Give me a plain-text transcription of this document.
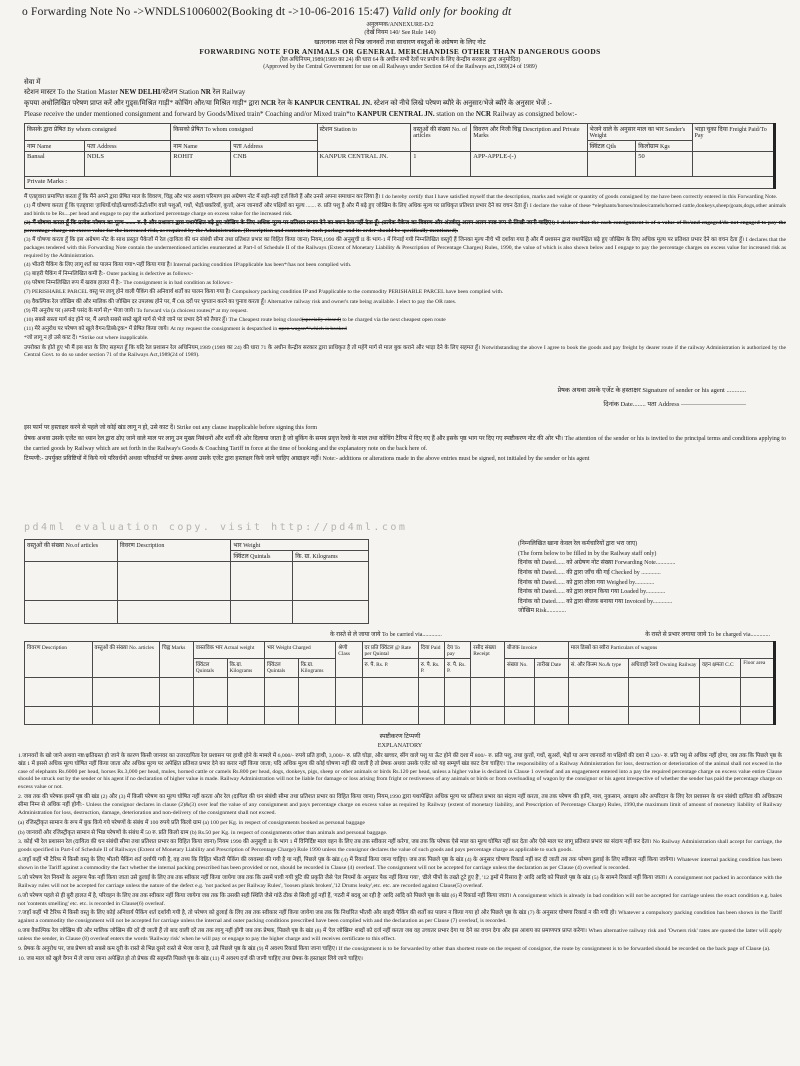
o Forwarding Note No ->WNDLS1006002(Booking dt ->10-06-2016 15:47) Valid only for booking dt
अनुलग्नक/ANNEXURE-D/2
(देखें नियम 140/ See Rule 140)
खतरनाक माल से भिन्न जानवरों तथा साधारण वस्तुओं के अग्रेषण के लिए नोट
FORWARDING NOTE FOR ANIMALS OR GENERAL MERCHANDISE OTHER THAN DANGEROUS GOODS
(रेल अधिनियम,1989(1989 का 24) की धारा 64 के अधीन सभी रेलों पर प्रयोग के लिए केन्द्रीय सरकार द्वारा अनुमोदित)
(Approved by the Central Government for use on all Railways under Section 64 of the Railways act,1989(24 of 1989)
सेवा में
स्टेशन मास्टर To the Station Master NEW DELHI/स्टेशन Station NR रेल Railway
कृपया अधोलिखित परेषण प्राप्त करें और गुड्स/मिश्रित गाड़ी* कोचिंग और/या मिश्रित गाड़ी* द्वारा NCR रेल के KANPUR CENTRAL JN. स्टेशन को नीचे लिखे परेषण ब्यौरे के अनुसार/भेजे ब्यौरे के अनुसार भेजें :-
Please receive the under mentioned consignment and forward by Goods/Mixed train* Coaching and/or Mixed train*to KANPUR CENTRAL JN. station on the NCR Railway as consigned below:-
किसके द्वारा प्रेषित By whom consigned		किसको प्रेषित To whom consigned		स्टेशन Station to	वस्तुओं की संख्या No. of articles	विवरण और निजी चिह्न Description and Private Marks	भेजने वाले के अनुसार माल का भार Sender's Weight		भाड़ा चुका दिया Freight Paid/To Pay
नाम Name	पता Address	नाम Name	पता Address				क्विंटल Qtls	किलोग्राम Kgs	
Bansal	NDLS	ROHIT	CNB	KANPUR CENTRAL JN.	1	APP-APPLE-(-)		50	
Private Marks :									
मैं एतद्द्वारा प्रमाणित करता हूँ कि मैंने अपने द्वारा प्रेषित माल के विवरण, चिह्न और भार अथवा परिमाण इस अग्रेषण नोट में सही-सही दर्ज किये हैं और उनसे अपना समाधान कर लिया है। I do hereby certify that I have satisfied myself that the description, marks and weight or quantity of goods consigned by me have been correctly entered in this Forwarding Note.
(1) मैं घोषणा करता हूँ कि एतद्द्वारा 'हाथियों/घोड़ों/खच्चरों/ऊँटों/सींग वाले पशुओं, गधों, भेड़ों/बकरियों, कुत्तों, अन्य जानवरों और पक्षियों का मूल्य ....... रु. प्रति पशु है और मैं बढ़े हुए जोखिम के लिए अधिक मूल्य पर प्राधिकृत प्रतिशत प्रभार देने का वचन देता हूँ। I declare the value of these *elephants/horses/mules/camels/horned cattle,donkeys,sheep/goats,dogs,other animals and birds to be Rs....per head and engage to pay the authorized percentage charge on excess value for the increased risk.
(2) मैं घोषणा करता हूँ कि प्रत्येक परेषण का मूल्य ....... रु. है और प्रशासन द्वारा यथापेक्षित बढ़े हुए जोखिम के लिए अधिक मूल्य पर प्रतिशत प्रभार देने का वचन देता/नहीं देता हूँ। (प्रत्येक पैकेज का विवरण और अंतर्वस्तु अलग-अलग स्पष्ट रूप से लिखी जानी चाहिए।) I declare that the each consignment is of a value of Rs/and engaged/do not engaged to pay the percentage charge on excess value for the increased risk, as required by the Administration. (Description and contents in each package and its order should be specifically mentioned).
(3) मैं घोषणा करता हूँ कि इस अग्रेषण नोट के साथ प्रस्तुत पैकेजों में रेल (दायित्व की धन संबंधी सीमा तथा प्रतिशत प्रभार का विहित किया जाना) नियम,1990 की अनुसूची II के भाग-1 में गिनाई गयी निम्नलिखित वस्तुएँ हैं जिनका मूल्य नीचे भी दर्शाया गया है और मैं प्रशासन द्वारा यथापेक्षित बढ़े हुए जोखिम के लिए अधिक मूल्य पर प्रतिशत प्रभार देने का वचन देता हूँ। I declares that the packages tendered with this Forwarding Note contain the undermentioned articles enumerated at Part-I of Schedule II of the Railways (Extent of Monetary Liability & Prescription of Percentage Charges) Rules, 1990, the value of which is also shown below and I engage to pay the percentage charges on excess value for increased risk as required by the Administration.
(4) भीतरी पैकिंग के लिए लागू शर्त का पालन किया गया*/नहीं किया गया है। Internal packing condition IP/applicable has been*/has not been complied with.
(5) बाहरी पैकिंग में निम्नलिखित कमी है:- Outer packing is defective as follows:-
(6) परेषण निम्नलिखित रूप में खराब हालत में है:- The consignment is in bad condition as follows:-
(7) PERISHABLE PARCEL वस्तु पर लागू होने वाली पैकिंग की अनिवार्य शर्तों का पालन किया गया है। Compulsory packing condition IP and P/applicable to the commodity PERISHABLE PARCEL have been complied with.
(8) वैकल्पिक रेल जोखिम की और मालिक की जोखिम दर उपलब्ध होने पर, मैं OR दरों पर भुगतान करने का चुनाव करता हूँ। Alternative railway risk and owner's rate being available. I elect to pay the OR rates.
(9) मेरे अनुरोध पर (अपनी पसंद के मार्ग से)* भेजा जाये। To forward via (a choicest routes)* at my request.
(10) सबसे सस्ता मार्ग बंद होने पर, मैं अगले सबसे सस्ते खुले मार्ग से भेजे जाने पर प्रभार देने को तैयार हूँ। The Cheapest route being closed(specially closed) to be charged via the next cheapest open route
(11) मेरे अनुरोध पर परेषण को खुले वैगन/डिब्बे/ट्रक* में प्रेषित किया जाये। At my request the consignment is despatched in open wagon*/which is booked
*जो लागू न हो उसे काट दें। *Strike out where inapplicable.
उपरोक्त के होते हुए भी मैं इस बात के लिए सहमत हूँ कि यदि रेल प्रशासन रेल अधिनियम,1989 (1989 का 24) की धारा 71 के अधीन केन्द्रीय सरकार द्वारा प्राधिकृत है तो महँगे मार्ग से माल बुक कराने और भाड़ा देने के लिए सहमत हूँ। Notwithstanding the above I agree to book the goods and pay freight by dearer route if the railway Administration is authorized by the Central Govt. to do so under section 71 of the Railways Act,1989(24 of 1989).
प्रेषक अथवा उसके एजेंट के हस्ताक्षर Signature of sender or his agent ............
दिनांक Date........ पता Address ——————————
इस फार्म पर हस्ताक्षर करने से पहले जो कोई खंड लागू न हो, उसे काट दें। Strike out any clause inapplicable before signing this form
प्रेषक अथवा उसके एजेंट का ध्यान रेल द्वारा ढोए जाने वाले माल पर लागू उन मुख्य निबंधनों और शर्तों की ओर दिलाया जाता है जो बुकिंग के समय प्रवृत्त रेलवे के माल तथा कोचिंग टैरिफ में दिए गए हैं और इसके पृष्ठ भाग पर दिए गए स्पष्टीकरण नोट की ओर भी। The attention of the sender or his is invited to the principal terms and conditions applying to the carried goods by Railway which are set forth in the Railway's Goods & Coaching Tariff in force at the time of booking and the explanatory note on the back here of.
टिप्पणी:- उपर्युक्त प्रविष्टियों में किये गये परिवर्धनों अथवा परिवर्तनों पर प्रेषक अथवा उसके एजेंट द्वारा हस्ताक्षर किये जाने चाहिए आद्याक्षर नहीं। Note:- additions or alterations made in the above entries must be signed, not initialed by the sender or his agent
pd4ml evaluation copy. visit http://pd4ml.com
वस्तुओं की संख्या No.of articles	विवरण Description	भार Weight	
		क्विंटल Quintals	कि. ग्रा. Kilograms

(निम्नलिखित खाना केवल रेल कर्मचारियों द्वारा भरा जाए)
(The form below to be filled in by the Railway staff only)
दिनांक को Dated...... को अग्रेषण नोट संख्या Forwarding Note.............
दिनांक को Dated...... की द्वारा जाँच की गई Checked by .............
दिनांक को Dated...... को द्वारा तोला गया Weighed by.............
दिनांक को Dated...... को द्वारा लदान किया गया Loaded by.............
दिनांक को Dated...... को द्वारा बीजक बनाया गया Invoiced by.............
जोखिम Risk.............
के रास्ते से ले जाया जाये To be carried via.............	के रास्ते से प्रभार लगाया जाये To be charged via.............
विवरण Description	वस्तुओं की संख्या No. articles	चिह्न Marks	वास्तविक भार Actual weight		भार Weight Charged		श्रेणी Class	दर प्रति क्विंटल @ Rate per Quintal	दिया Paid	देय To pay	रसीद संख्या Receipt	बीजक Invoice		माल डिब्बों का ब्यौरा Particulars of wagons			
			क्विंटल Quintals	कि.ग्रा. Kilograms	क्विंटल Quintals	कि.ग्रा. Kilograms		रु. पै. Rs. P.	रु. पै. Rs. P.	रु. पै. Rs. P.		संख्या No.	तारीख Date	सं. और किस्म No.& type	अधिवाही रेलवे Owning Railway	वहन क्षमता C.C	Floor area

स्पष्टीकरण टिप्पणी
EXPLANATORY

1.जानवरों के खो जाने अथवा नष्ट/क्षतिग्रस्त हो जाने के कारण किसी जानवर का उत्तरदायित्व रेल प्रशासन पर हाथी होने के मामले में 6,000/- रुपये प्रति हाथी, 3,000/- रु. प्रति घोड़ा, और खच्चर, सींग वाले पशु या ऊँट होने की दशा में 800/- रु. प्रति पशु, तथा कुत्तों, गधों, सुअरों, भेड़ों या अन्य जानवरों या पक्षियों की दशा में 120/- रु. प्रति पशु से अधिक नहीं होगा, जब तक कि पिछले पृष्ठ के खंड 1 में इससे अधिक मूल्य घोषित नहीं किया जाता और अधिक मूल्य पर अपेक्षित प्रतिशत प्रभार देने का करार नहीं किया जाता; यदि अधिक मूल्य की कोई घोषणा नहीं की जाती है तो प्रेषक अथवा उसके एजेंट को यह सम्पूर्ण खंड काट देना चाहिए। The responsibility of a Railway Administration for loss, destruction or deterioration of the animal shall not exceed in the case of elephants Rs.6000 per head, horses Rs.3,000 per head, mules, horned cattle or camels Rs.800 per head, dogs, donkeys, pigs, sheep or other animals or birds Rs.120 per head, unless a higher value is declared in Clause 1 overleaf and an engagement entered into a pay the required percentage charge on excess value entire Clause should be struck out by the sender or his agent if no declaration of higher value is made. Railway Administration will not be liable for damage or loss arising from fright or restiveness of any animals or birds or from overloading of wagon by the consignor or his agent irrespective of whether the sender has paid the percentage charge on excess value or not.

2. जब तक की परेषक इसमें पृष्ठ की खंड (2) और (3) में किसी परेषण का मूल्य घोषित नहीं करता और रेल (दायित्व की धन संबंधी सीमा तथा प्रतिशत प्रभार का विहित किया जाना) नियम,1990 द्वारा यथापेक्षित अधिक मूल्य पर प्रतिशत प्रभार का संदाय नहीं करता, तब तक परेषण की हानि, नाश, नुकसान, अवक्षय और अपरिदान के लिए रेल प्रशासन के धन संबंधी दायित्व की अधिकतम सीमा निम्न से अधिक नहीं होगी:- Unless the consignor declares in clause (2)&(3) over leaf the value of any consignment and pays percentage charge on excess value as required by Railway (extent of monetary liability, and Prescription of Percentage Charge) Rules, 1990,the maximum limit of amount of monetary liability of Railway Administration for loss, destruction, damage, deterioration and non-delivery of the consignment shall not exceed.

(a) रजिस्ट्रीकृत सामान के रूप में बुक किये गये परेषणों के संबंध में 100 रुपये प्रति किलो ग्राम (a) 100 per Kg. in respect of consignments booked as personal baggage

(b) जानवरों और रजिस्ट्रीकृत सामान से भिन्न परेषणों के संबंध में 50 रु. प्रति किलो ग्राम (b) Rs.50 per Kg. in respect of consignments other than animals and personal baggage.

3. कोई भी रेल प्रशासन रेल (दायित्व की धन संबंधी सीमा तथा प्रतिशत प्रभार का विहित किया जाना) नियम 1990 की अनुसूची II के भाग 1 में विनिर्दिष्ट माल वहन के लिए तब तक स्वीकार नहीं करेगा, जब तक कि परेषक ऐसे माल का मूल्य घोषित नहीं कर देता और ऐसे माल पर लागू प्रतिशत प्रभार का संदाय नहीं कर देता। No Railway Administration shall accept for carriage, the goods specified in Part-I of Schedule II of Railways (Extent of Monetary Liability and Prescription of Percentage Charge) Rule 1990 unless the consignor declares the value of such goods and pays percentage charge as applicable to such goods.

4.जहाँ कहीं भी टैरिफ में किसी वस्तु के लिए भीतरी पैकिंग शर्त दर्शायी गयी है, वह तथ्य कि विहित भीतरी पैकिंग की व्यवस्था की गयी है या नहीं, पिछले पृष्ठ के खंड (4) में रिकार्ड किया जाना चाहिए। जब तक पिछले पृष्ठ के खंड (4) के अनुसार घोषणा रिकार्ड नहीं कर दी जाती तब तक परेषण ढुलाई के लिए स्वीकार नहीं किया जायेगा। Whatever internal packing condition has been shown in the Tariff against a commodity the fact whether the internal packing prescribed has been provided or not, should be recorded in Clause (4) overleaf. The consignment will not be accepted for carriage unless the declaration as per Clause (4) overleaf is recorded.

5.जो परेषण रेल नियमों के अनुरूप पैक नहीं किया जाता उसे ढुलाई के लिए तब तक स्वीकार नहीं किया जायेगा जब तक कि उसमें पायी गयी त्रुटि की प्रकृति जैसे 'रेल नियमों के अनुसार पैक नहीं किया गया', 'ढीले पीपों के तख्ते टूटे हुए हैं', '12 ड्रमों में रिसाव है' आदि आदि को पिछले पृष्ठ के खंड (5) के सामने रिकार्ड नहीं किया जाता। A consignment not packed in accordance with the Railway rules will not be accepted for carriage unless the nature of the defect e.g. 'not packed as per Railway Rules', 'loosen plank broken','12 Drums leaky',etc. etc. are recorded against Clause(5) overleaf.

6.जो परेषण पहले से ही बुरी हालत में है, परिवहन के लिए तब तक स्वीकार नहीं किया जायेगा जब तक कि उसकी सही स्थिति जैसे गांठें ठीक से सिली हुई नहीं हैं, 'गठरी में बदबू आ रही है' आदि आदि को पिछले पृष्ठ के खंड (6) में रिकार्ड नहीं किया जाता। A consignment which is already in bad condition will not be accepted for carriage unless the exact condition e.g. bales not 'contents smelling' etc. etc. is recorded in Clause(6) overleaf.

7.जहाँ कहीं भी टैरिफ में किसी वस्तु के लिए कोई अनिवार्य पैकिंग शर्त दर्शायी गयी है, तो परेषण को ढुलाई के लिए तब तक स्वीकार नहीं किया जायेगा जब तक कि निर्धारित भीतरी और बाहरी पैकिंग की शर्तों का पालन न किया गया हो और पिछले पृष्ठ के खंड (7) के अनुसार घोषणा रिकार्ड न की गयी हो। Whatever a compulsory packing condition has been shown in the Tariff against a commodity the consignment will not be accepted for carriage unless the internal and outer packing conditions prescribed have been complied with and the declaration as per Clause (7) overleaf, is recorded.

8.जब वैकल्पिक रेल जोखिम की और मालिक जोखिम की दरें दी जाती हैं तो बाद वाली दरें तब तक लागू नहीं होंगी जब तक प्रेषक, पिछले पृष्ठ के खंड (8) में 'रेल जोखिम' शब्दों को दर्ज नहीं करता जब वह उच्चतर प्रभार देगा या देने का वचन देगा और इस आशय का प्रमाणपत्र प्राप्त करेगा। When alternative railway risk and 'Owners risk' rates are quoted the latter will apply unless the sender, in Clause (8) overleaf enters the words 'Railway risk' when he will pay or engage to pay the higher charge and will receives certificate to this effect.

9. प्रेषक के अनुरोध पर, जब प्रेषण को सबसे कम दूरी के रास्ते से भिन्न दूसरे रास्ते से भेजा जाना है, उसे पिछले पृष्ठ के खंड (9) में अवश्य रिकार्ड किया जाना चाहिए। If the consignment is to be forwarded by other than shortest route on the request of consignor, the route by consignment is to be forwarded should be recorded on the back page of Clause (a).

10. जब माल को खुले वैगन में ले जाया जाना अपेक्षित हो तो प्रेषक की सहमति पिछले पृष्ठ के खंड (11) में अवश्य दर्ज की जानी चाहिए तथा प्रेषक के हस्ताक्षर लिये जाने चाहिए।
